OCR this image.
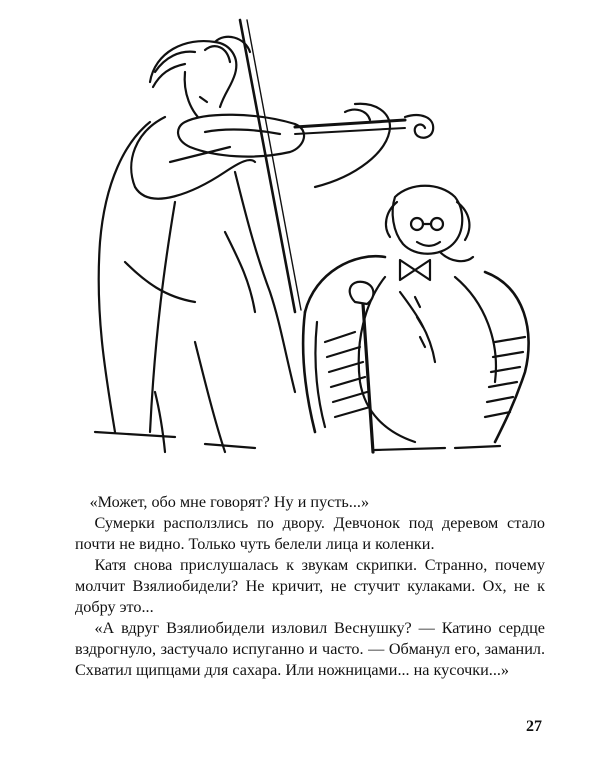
«Может, обо мне говорят? Ну и пусть...»

Сумерки расползлись по двору. Девчонок под деревом стало почти не видно. Только чуть белели лица и коленки.

Катя снова прислушалась к звукам скрипки. Странно, почему молчит Взялиобидели? Не кричит, не стучит кулаками. Ох, не к добру это...

«А вдруг Взялиобидели изловил Веснушку? — Катино сердце вздрогнуло, застучало испуганно и часто. — Обманул его, заманил. Схватил щипцами для сахара. Или ножницами... на кусочки...»

27
